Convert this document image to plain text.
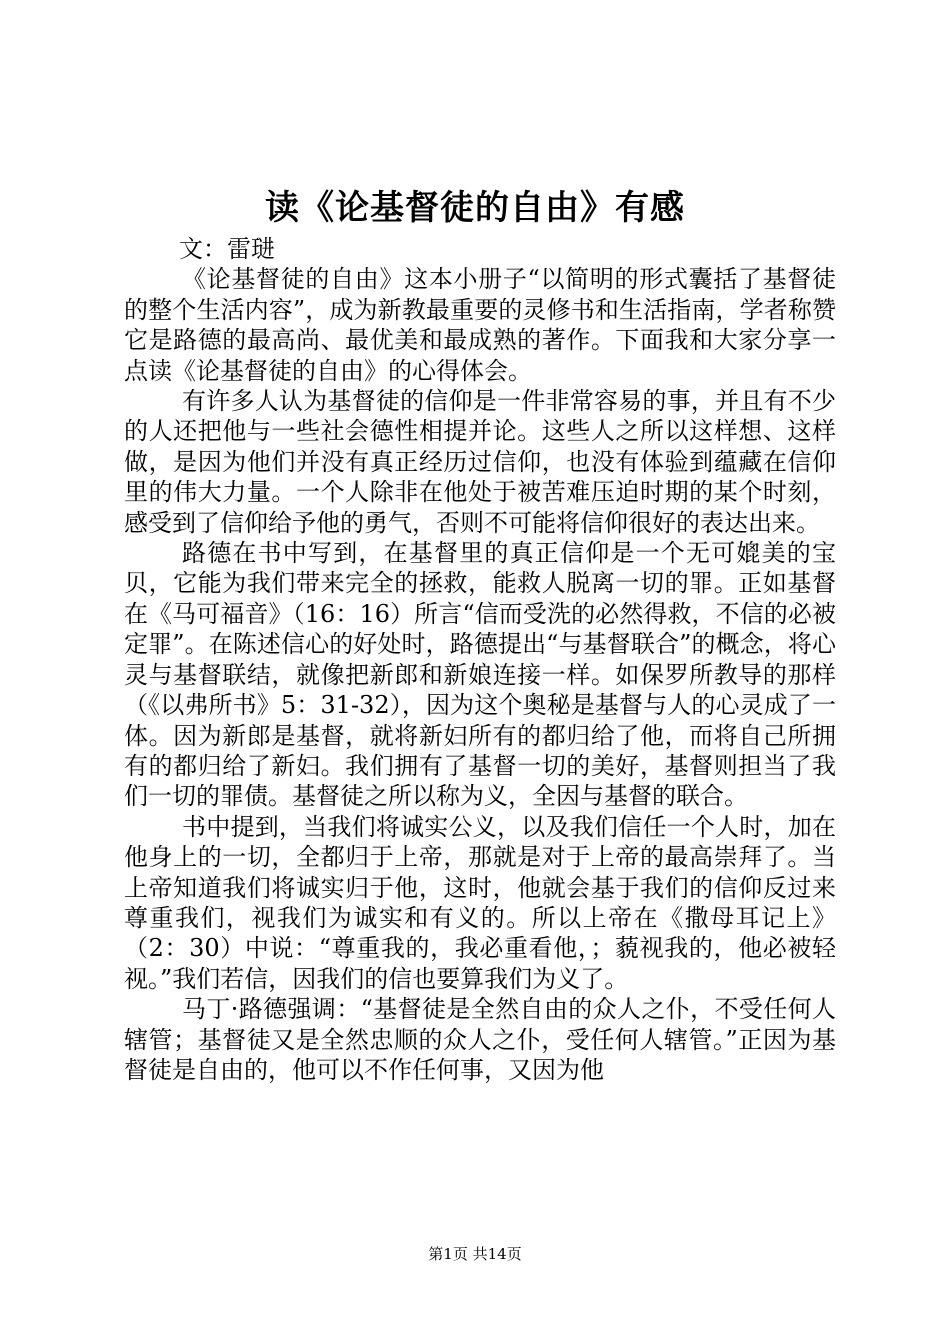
读《论基督徒的自由》有感

文：雷琎

《论基督徒的自由》这本小册子“以简明的形式囊括了基督徒的整个生活内容”，成为新教最重要的灵修书和生活指南，学者称赞它是路德的最高尚、最优美和最成熟的著作。下面我和大家分享一点读《论基督徒的自由》的心得体会。

有许多人认为基督徒的信仰是一件非常容易的事，并且有不少的人还把他与一些社会德性相提并论。这些人之所以这样想、这样做，是因为他们并没有真正经历过信仰，也没有体验到蕴藏在信仰里的伟大力量。一个人除非在他处于被苦难压迫时期的某个时刻，感受到了信仰给予他的勇气，否则不可能将信仰很好的表达出来。

路德在书中写到，在基督里的真正信仰是一个无可媲美的宝贝，它能为我们带来完全的拯救，能救人脱离一切的罪。正如基督在《马可福音》（16：16）所言“信而受洗的必然得救，不信的必被定罪”。在陈述信心的好处时，路德提出“与基督联合”的概念，将心灵与基督联结，就像把新郎和新娘连接一样。如保罗所教导的那样（《以弗所书》5：31-32），因为这个奥秘是基督与人的心灵成了一体。因为新郎是基督，就将新妇所有的都归给了他，而将自己所拥有的都归给了新妇。我们拥有了基督一切的美好，基督则担当了我们一切的罪债。基督徒之所以称为义，全因与基督的联合。

书中提到，当我们将诚实公义，以及我们信任一个人时，加在他身上的一切，全都归于上帝，那就是对于上帝的最高崇拜了。当上帝知道我们将诚实归于他，这时，他就会基于我们的信仰反过来尊重我们，视我们为诚实和有义的。所以上帝在《撒母耳记上》（2：30）中说：“尊重我的，我必重看他，；藐视我的，他必被轻视。”我们若信，因我们的信也要算我们为义了。

马丁·路德强调：“基督徒是全然自由的众人之仆，不受任何人辖管；基督徒又是全然忠顺的众人之仆，受任何人辖管。”正因为基督徒是自由的，他可以不作任何事，又因为他

第1页 共14页
